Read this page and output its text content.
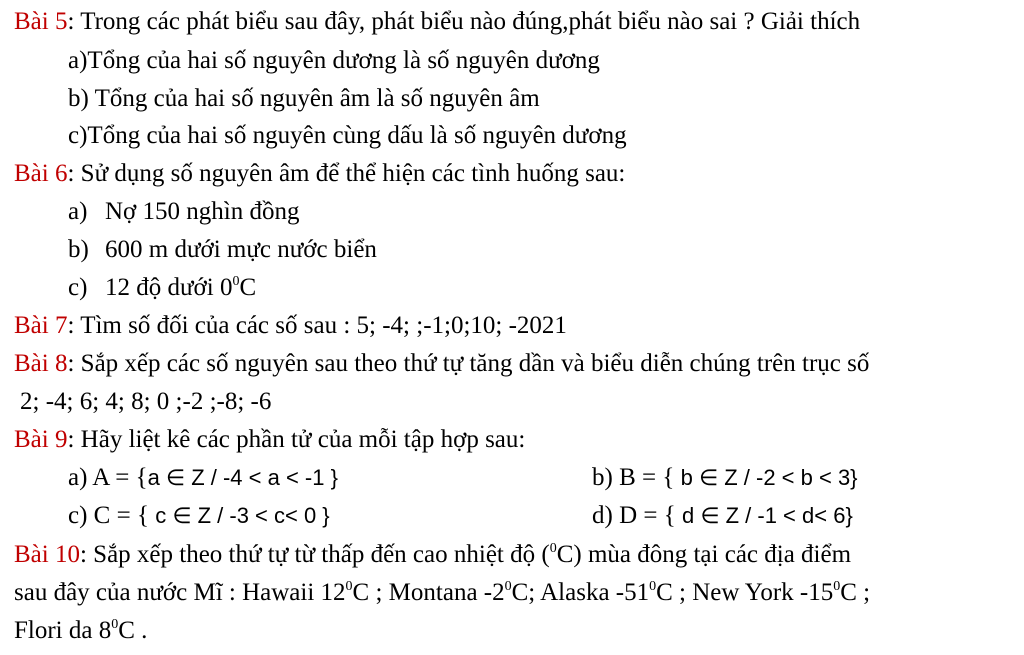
Bài 5: Trong các phát biểu sau đây, phát biểu nào đúng,phát biểu nào sai ? Giải thích
a)Tổng của hai số nguyên dương là số nguyên dương
b) Tổng của hai số nguyên âm là số nguyên âm
c)Tổng của hai số nguyên cùng dấu là số nguyên dương
Bài 6: Sử dụng số nguyên âm để thể hiện các tình huống sau:
a) Nợ 150 nghìn đồng
b) 600 m dưới mực nước biển
c) 12 độ dưới $0^0C$
Bài 7: Tìm số đối của các số sau : 5; -4; ;-1;0;10; -2021
Bài 8: Sắp xếp các số nguyên sau theo thứ tự tăng dần và biểu diễn chúng trên trục số
2; -4; 6; 4; 8; 0 ;-2 ;-8; -6
Bài 9: Hãy liệt kê các phần tử của mỗi tập hợp sau:
a) A = {a ∈ Z / -4 < a < -1 }	b) B = { b ∈ Z / -2 < b < 3}
c) C = { c ∈ Z / -3 < c< 0 }	d) D = { d ∈ Z / -1 < d< 6}
Bài 10: Sắp xếp theo thứ tự từ thấp đến cao nhiệt độ ($^0$C) mùa đông tại các địa điểm
sau đây của nước Mĩ : Hawaii $12^0C$ ; Montana $-2^0C$; Alaska $-51^0C$ ; New York $-15^0C$ ;
Flori da $8^0C$ .
